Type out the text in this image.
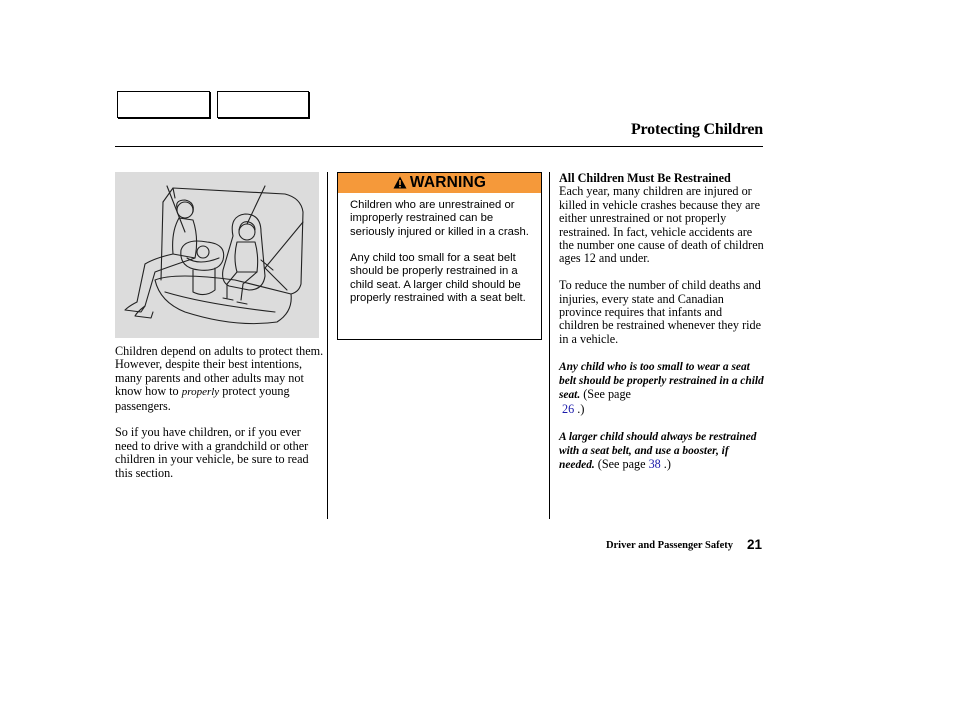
Protecting Children

Children depend on adults to protect them. However, despite their best intentions, many parents and other adults may not know how to properly protect young passengers.

So if you have children, or if you ever need to drive with a grandchild or other children in your vehicle, be sure to read this section.

WARNING

Children who are unrestrained or improperly restrained can be seriously injured or killed in a crash.

Any child too small for a seat belt should be properly restrained in a child seat. A larger child should be properly restrained with a seat belt.

All Children Must Be Restrained

Each year, many children are injured or killed in vehicle crashes because they are either unrestrained or not properly restrained. In fact, vehicle accidents are the number one cause of death of children ages 12 and under.

To reduce the number of child deaths and injuries, every state and Canadian province requires that infants and children be restrained whenever they ride in a vehicle.

Any child who is too small to wear a seat belt should be properly restrained in a child seat. (See page
26 .)

A larger child should always be restrained with a seat belt, and use a booster, if needed. (See page 38 .)

Driver and Passenger Safety 21
